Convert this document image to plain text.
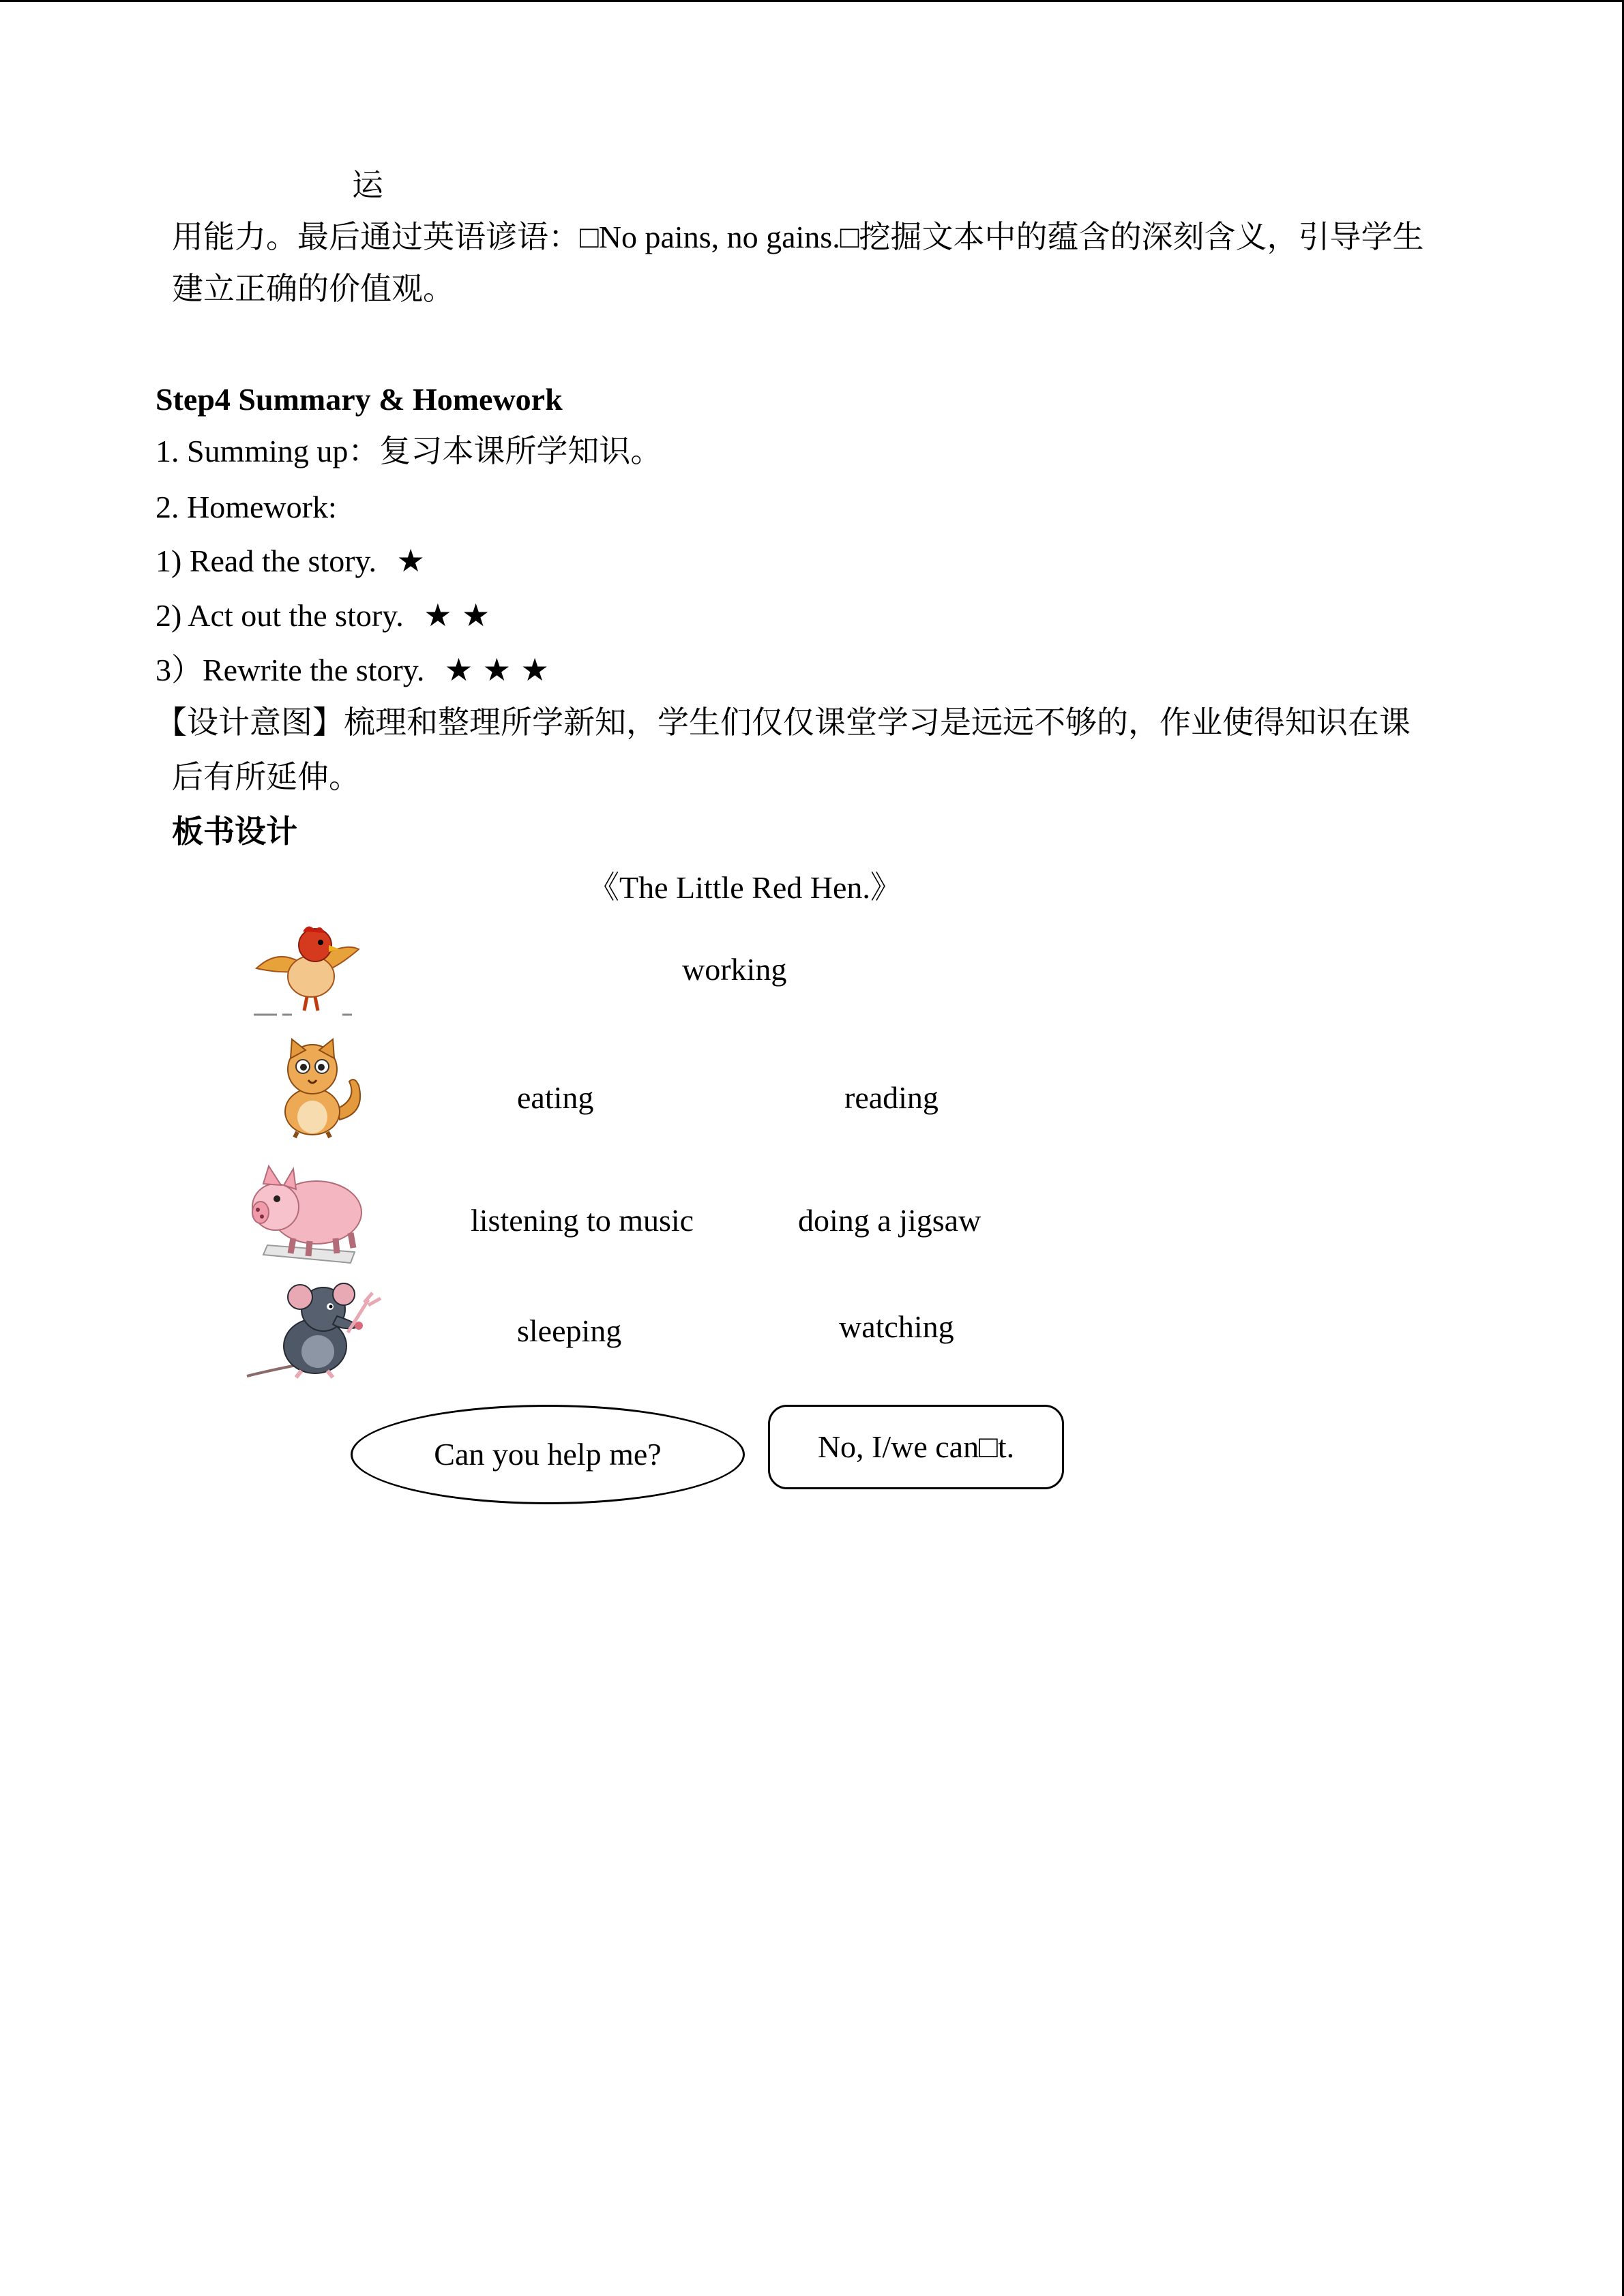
运
用能力。最后通过英语谚语：□No pains, no gains.□挖掘文本中的蕴含的深刻含义，引导学生
建立正确的价值观。
Step4 Summary & Homework
1. Summing up：复习本课所学知识。
2. Homework:
1) Read the story. ★
2) Act out the story. ★ ★
3）Rewrite the story. ★ ★ ★
【设计意图】梳理和整理所学新知，学生们仅仅课堂学习是远远不够的，作业使得知识在课
后有所延伸。
板书设计
《The Little Red Hen.》
working
eating	reading
listening to music	doing a jigsaw
sleeping	watching
Can you help me?	No, I/we can□t.
